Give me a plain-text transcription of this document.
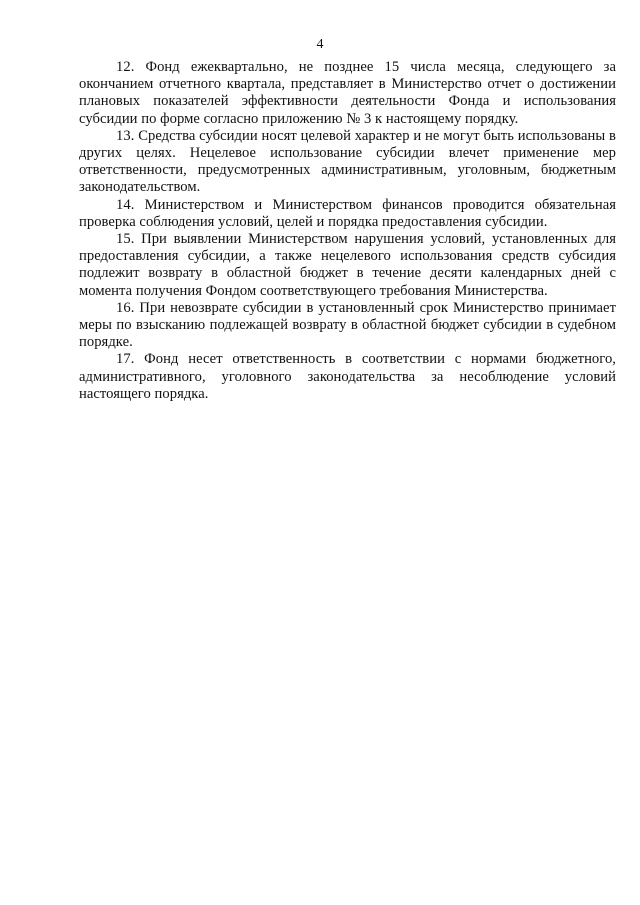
4

12. Фонд ежеквартально, не позднее 15 числа месяца, следующего за окончанием отчетного квартала, представляет в Министерство отчет о достижении плановых показателей эффективности деятельности Фонда и использования субсидии по форме согласно приложению № 3 к настоящему порядку.

13. Средства субсидии носят целевой характер и не могут быть использованы в других целях. Нецелевое использование субсидии влечет применение мер ответственности, предусмотренных административным, уголовным, бюджетным законодательством.

14. Министерством и Министерством финансов проводится обязательная проверка соблюдения условий, целей и порядка предоставления субсидии.

15. При выявлении Министерством нарушения условий, установленных для предоставления субсидии, а также нецелевого использования средств субсидия подлежит возврату в областной бюджет в течение десяти календарных дней с момента получения Фондом соответствующего требования Министерства.

16. При невозврате субсидии в установленный срок Министерство принимает меры по взысканию подлежащей возврату в областной бюджет субсидии в судебном порядке.

17. Фонд несет ответственность в соответствии с нормами бюджетного, административного, уголовного законодательства за несоблюдение условий настоящего порядка.
